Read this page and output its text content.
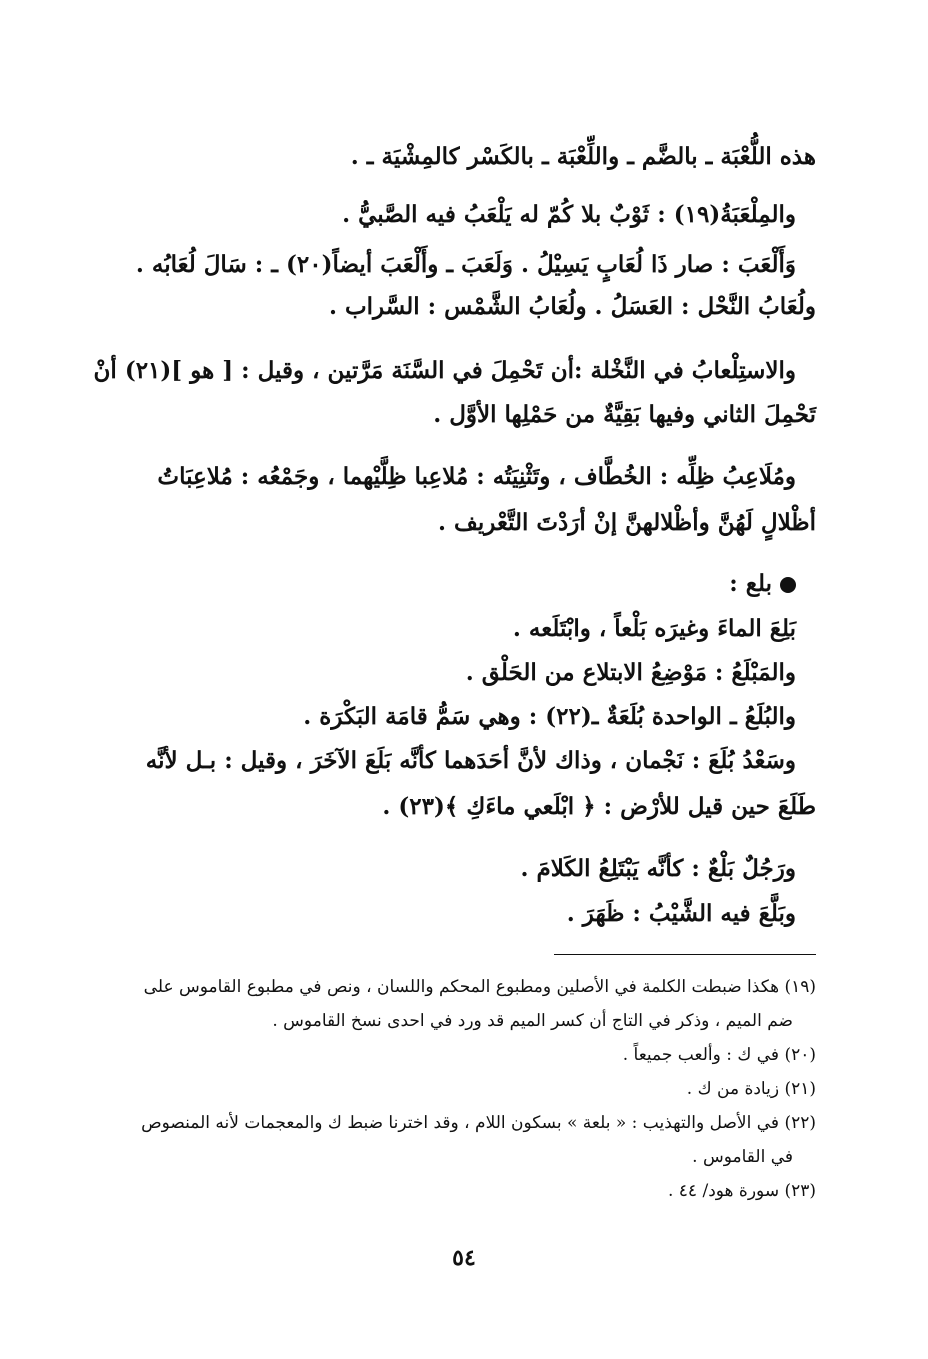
هذه اللُّعْبَة ـ بالضَّم ـ واللِّعْبَة ـ بالكَسْر كالمِشْيَة ـ .
والمِلْعَبَةُ(١٩) : ثَوْبٌ بلا كُمّ له يَلْعَبُ فيه الصَّبيُّ .
وَأَلْعَبَ : صار ذَا لُعَابٍ يَسِيْلُ . وَلَعَبَ ـ وأَلْعَبَ أيضاً(٢٠) ـ : سَالَ لُعَابُه .
ولُعَابُ النَّحْل : العَسَلُ . ولُعَابُ الشَّمْس : السَّراب .
والاستِلْعابُ في النَّخْلة :أن تَحْمِلَ في السَّنَة مَرَّتين ، وقيل : [ هو ](٢١) أنْ
تَحْمِلَ الثاني وفيها بَقِيَّةٌ من حَمْلِها الأوَّل .
ومُلَاعِبُ ظِلِّه : الخُطَّاف ، وتَثْنِيَتُه : مُلاعِبا ظِلَّيْهما ، وجَمْعُه : مُلاعِبَاتُ
أظْلالٍ لَهُنَّ وأظْلالهنَّ إنْ أرَدْتَ التَّعْريف .
بلع :
بَلِعَ الماءَ وغيرَه بَلْعاً ، وابْتَلَعه .
والمَبْلَعُ : مَوْضِعُ الابتلاع من الحَلْق .
والبُلَعُ ـ الواحدة بُلَعَةٌ ـ(٢٢) : وهي سَمُّ قامَة البَكْرَة .
وسَعْدُ بُلَعَ : نَجْمان ، وذاك لأنَّ أحَدَهما كأنَّه بَلَعَ الآخَرَ ، وقيل : بـل لأنَّه
طَلَعَ حين قيل للأرْض : ﴿ ابْلَعي ماءَكِ ﴾(٢٣) .
ورَجُلٌ بَلْعٌ : كأنَّه يَبْتَلِعُ الكَلامَ .
وبَلَّعَ فيه الشَّيْبُ : ظَهَرَ .
(١٩) هكذا ضبطت الكلمة في الأصلين ومطبوع المحكم واللسان ، ونص في مطبوع القاموس على
ضم الميم ، وذكر في التاج أن كسر الميم قد ورد في احدى نسخ القاموس .
(٢٠) في ك : وألعب جميعاً .
(٢١) زيادة من ك .
(٢٢) في الأصل والتهذيب : « بلعة » بسكون اللام ، وقد اخترنا ضبط ك والمعجمات لأنه المنصوص
في القاموس .
(٢٣) سورة هود/ ٤٤ .
٥٤
